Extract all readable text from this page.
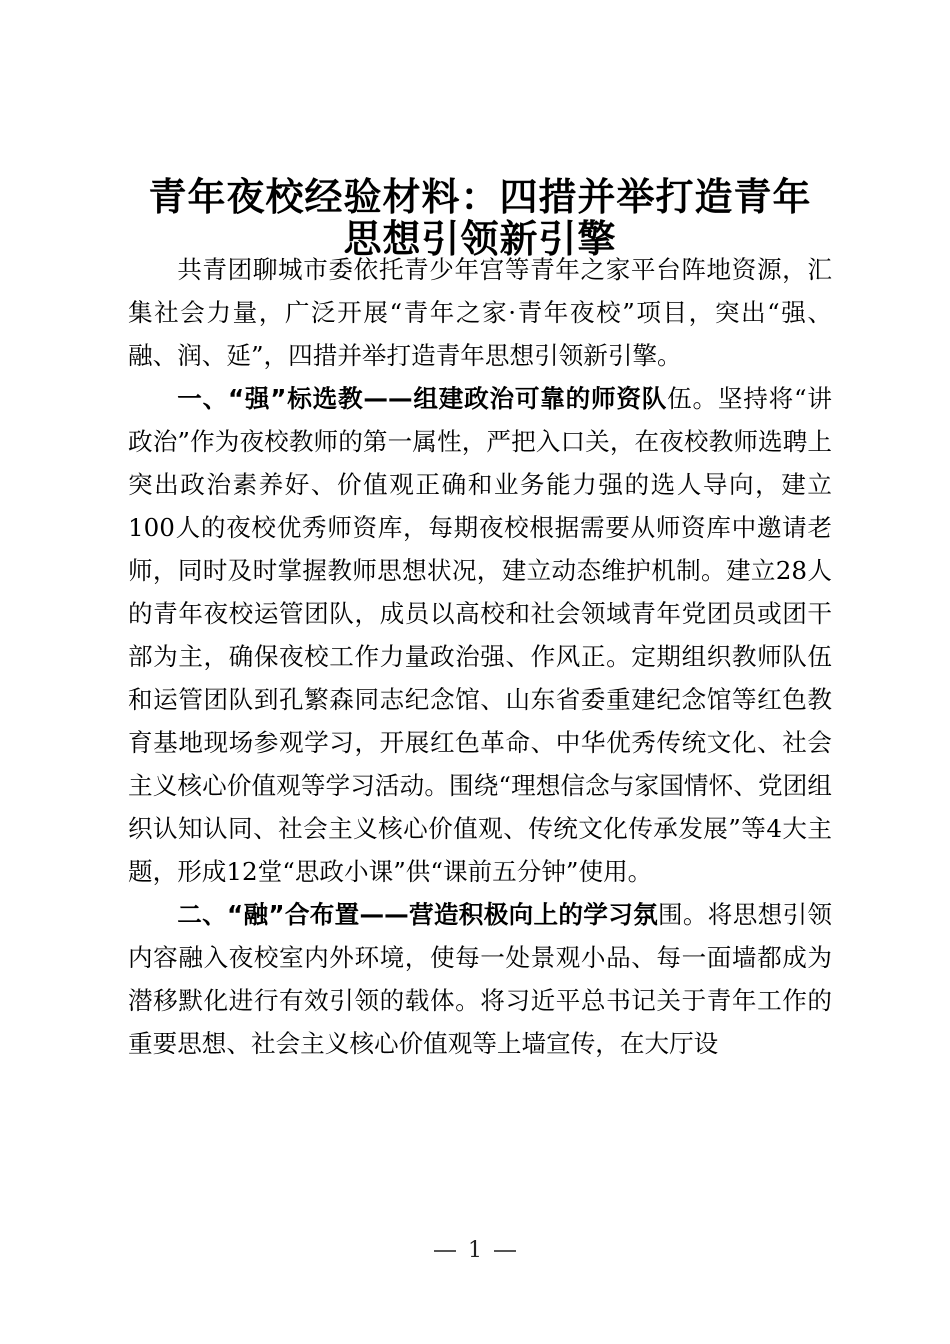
青年夜校经验材料：四措并举打造青年
思想引领新引擎

共青团聊城市委依托青少年宫等青年之家平台阵地资源，汇集社会力量，广泛开展“青年之家·青年夜校”项目，突出“强、融、润、延”，四措并举打造青年思想引领新引擎。

一、“强”标选教——组建政治可靠的师资队伍。坚持将“讲政治”作为夜校教师的第一属性，严把入口关，在夜校教师选聘上突出政治素养好、价值观正确和业务能力强的选人导向，建立100人的夜校优秀师资库，每期夜校根据需要从师资库中邀请老师，同时及时掌握教师思想状况，建立动态维护机制。建立28人的青年夜校运管团队，成员以高校和社会领域青年党团员或团干部为主，确保夜校工作力量政治强、作风正。定期组织教师队伍和运管团队到孔繁森同志纪念馆、山东省委重建纪念馆等红色教育基地现场参观学习，开展红色革命、中华优秀传统文化、社会主义核心价值观等学习活动。围绕“理想信念与家国情怀、党团组织认知认同、社会主义核心价值观、传统文化传承发展”等4大主题，形成12堂“思政小课”供“课前五分钟”使用。

二、“融”合布置——营造积极向上的学习氛围。将思想引领内容融入夜校室内外环境，使每一处景观小品、每一面墙都成为潜移默化进行有效引领的载体。将习近平总书记关于青年工作的重要思想、社会主义核心价值观等上墙宣传，在大厅设

1
